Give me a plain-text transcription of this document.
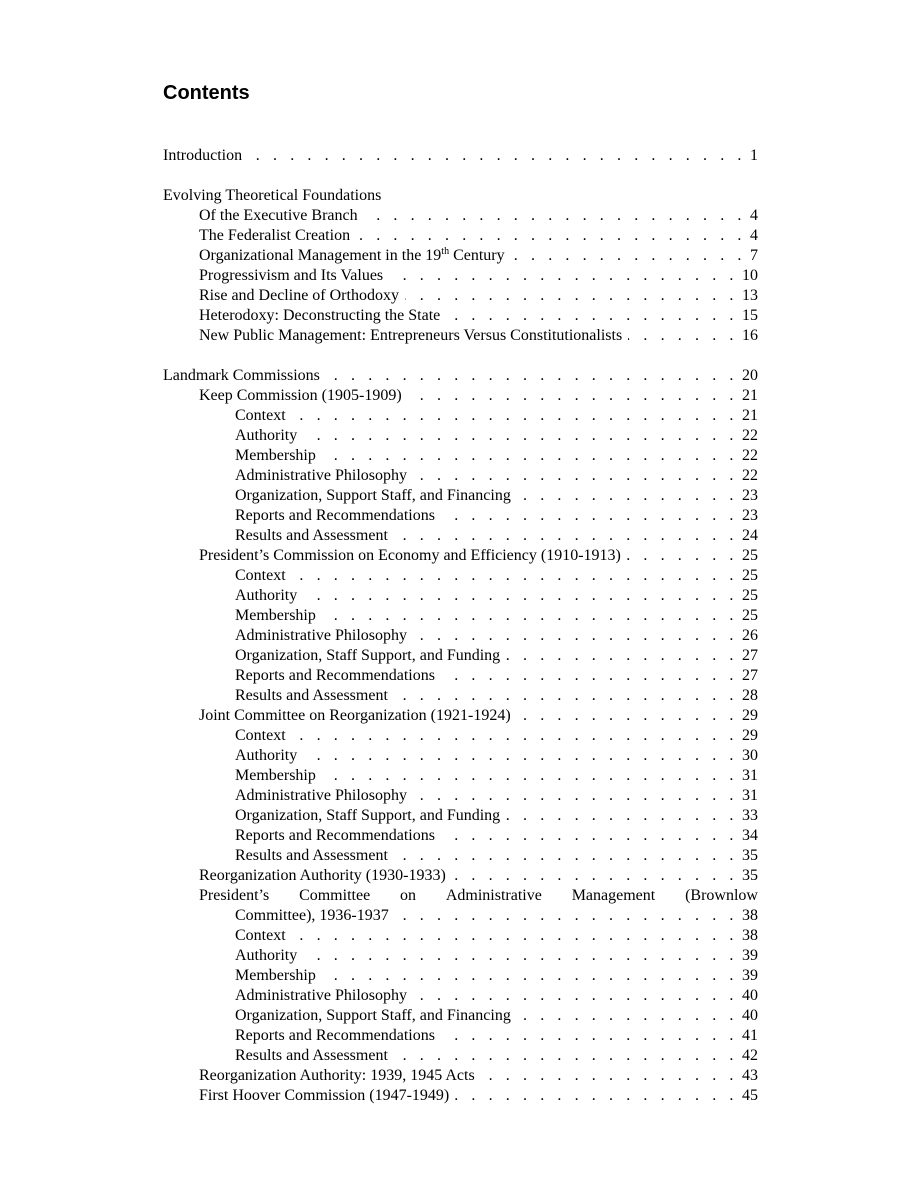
Contents
Introduction . . .	1
Evolving Theoretical Foundations
Of the Executive Branch . . .	4
The Federalist Creation . . .	4
Organizational Management in the 19th Century . . .	7
Progressivism and Its Values . . .	10
Rise and Decline of Orthodoxy . . .	13
Heterodoxy: Deconstructing the State . . .	15
New Public Management: Entrepreneurs Versus Constitutionalists . . .	16
Landmark Commissions . . .	20
Keep Commission (1905-1909) . . .	21
Context . . .	21
Authority . . .	22
Membership . . .	22
Administrative Philosophy . . .	22
Organization, Support Staff, and Financing . . .	23
Reports and Recommendations . . .	23
Results and Assessment . . .	24
President’s Commission on Economy and Efficiency (1910-1913) . . .	25
Context . . .	25
Authority . . .	25
Membership . . .	25
Administrative Philosophy . . .	26
Organization, Staff Support, and Funding . . .	27
Reports and Recommendations . . .	27
Results and Assessment . . .	28
Joint Committee on Reorganization (1921-1924) . . .	29
Context . . .	29
Authority . . .	30
Membership . . .	31
Administrative Philosophy . . .	31
Organization, Staff Support, and Funding . . .	33
Reports and Recommendations . . .	34
Results and Assessment . . .	35
Reorganization Authority (1930-1933) . . .	35
President’s Committee on Administrative Management (Brownlow
Committee), 1936-1937 . . .	38
Context . . .	38
Authority . . .	39
Membership . . .	39
Administrative Philosophy . . .	40
Organization, Support Staff, and Financing . . .	40
Reports and Recommendations . . .	41
Results and Assessment . . .	42
Reorganization Authority: 1939, 1945 Acts . . .	43
First Hoover Commission (1947-1949) . . .	45
